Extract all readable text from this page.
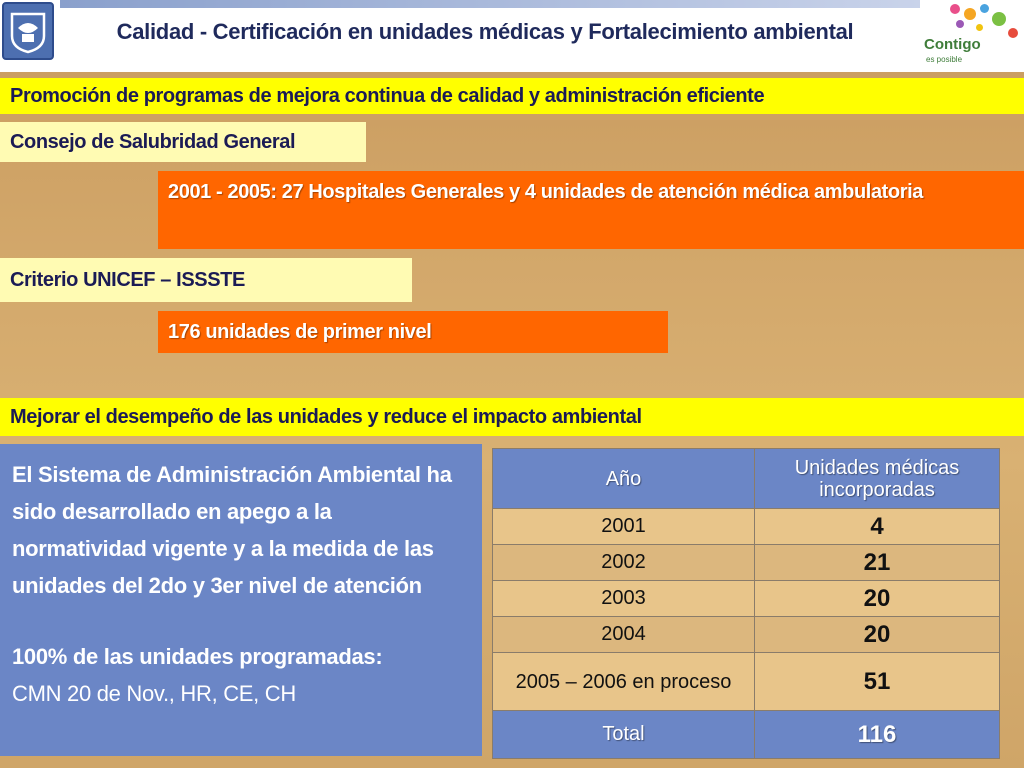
Calidad - Certificación en unidades médicas y Fortalecimiento ambiental
Contigo
es posible
Promoción de programas de mejora continua de calidad y administración eficiente
Consejo de Salubridad General
2001 - 2005: 27 Hospitales Generales y 4 unidades de atención médica ambulatoria
Criterio UNICEF – ISSSTE
176 unidades de primer nivel
Mejorar el desempeño de las unidades y reduce el impacto ambiental
El Sistema de Administración Ambiental ha sido desarrollado en apego a la normatividad vigente y a la medida de las unidades del 2do y 3er nivel de atención
100% de las unidades programadas:
CMN 20 de Nov., HR, CE, CH
Año	Unidades médicas incorporadas
2001	4
2002	21
2003	20
2004	20
2005 – 2006 en proceso	51
Total	116
